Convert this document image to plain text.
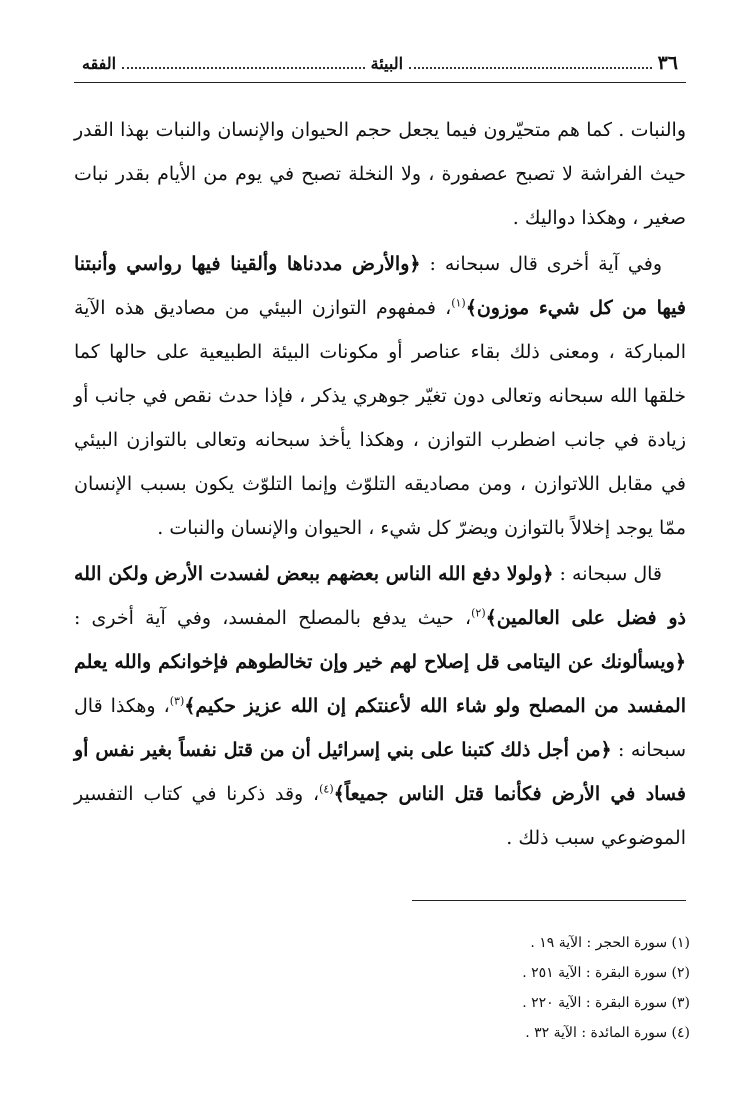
٣٦
البيئة
الفقه

والنبات . كما هم متحيّرون فيما يجعل حجم الحيوان والإنسان والنبات بهذا القدر حيث الفراشة لا تصبح عصفورة ، ولا النخلة تصبح في يوم من الأيام بقدر نبات صغير ، وهكذا دواليك .

وفي آية أخرى قال سبحانه : ﴿والأرض مددناها وألقينا فيها رواسي وأنبتنا فيها من كل شيء موزون﴾$^{(١)}$، فمفهوم التوازن البيئي من مصاديق هذه الآية المباركة ، ومعنى ذلك بقاء عناصر أو مكونات البيئة الطبيعية على حالها كما خلقها الله سبحانه وتعالى دون تغيّر جوهري يذكر ، فإذا حدث نقص في جانب أو زيادة في جانب اضطرب التوازن ، وهكذا يأخذ سبحانه وتعالى بالتوازن البيئي في مقابل اللاتوازن ، ومن مصاديقه التلوّث وإنما التلوّث يكون بسبب الإنسان ممّا يوجد إخلالاً بالتوازن ويضرّ كل شيء ، الحيوان والإنسان والنبات .

قال سبحانه : ﴿ولولا دفع الله الناس بعضهم ببعض لفسدت الأرض ولكن الله ذو فضل على العالمين﴾$^{(٢)}$، حيث يدفع بالمصلح المفسد، وفي آية أخرى : ﴿ويسألونك عن اليتامى قل إصلاح لهم خير وإن تخالطوهم فإخوانكم والله يعلم المفسد من المصلح ولو شاء الله لأعنتكم إن الله عزيز حكيم﴾$^{(٣)}$، وهكذا قال سبحانه : ﴿من أجل ذلك كتبنا على بني إسرائيل أن من قتل نفساً بغير نفس أو فساد في الأرض فكأنما قتل الناس جميعاً﴾$^{(٤)}$، وقد ذكرنا في كتاب التفسير الموضوعي سبب ذلك .

(١) سورة الحجر : الآية ١٩ .

(٢) سورة البقرة : الآية ٢٥١ .

(٣) سورة البقرة : الآية ٢٢٠ .

(٤) سورة المائدة : الآية ٣٢ .
